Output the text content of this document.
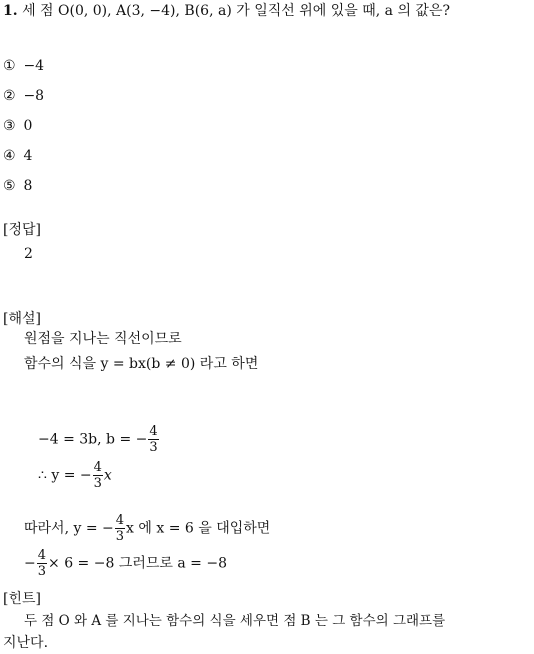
1. 세 점 O(0, 0), A(3, −4), B(6, a) 가 일직선 위에 있을 때, a 의 값은?
① −4
② −8
③ 0
④ 4
⑤ 8
[정답]
2
[해설]
원점을 지나는 직선이므로
함수의 식을 y = bx(b ≠ 0) 라고 하면
−4 = 3b, b = − $\frac{4}{3}$
∴ y = − $\frac{4}{3}$ x
따라서, y = − $\frac{4}{3}$ x 에 x = 6 을 대입하면
− $\frac{4}{3} \times 6 = -8$ 그러므로 a = −8
[힌트]
두 점 O 와 A 를 지나는 함수의 식을 세우면 점 B 는 그 함수의 그래프를
지난다.
